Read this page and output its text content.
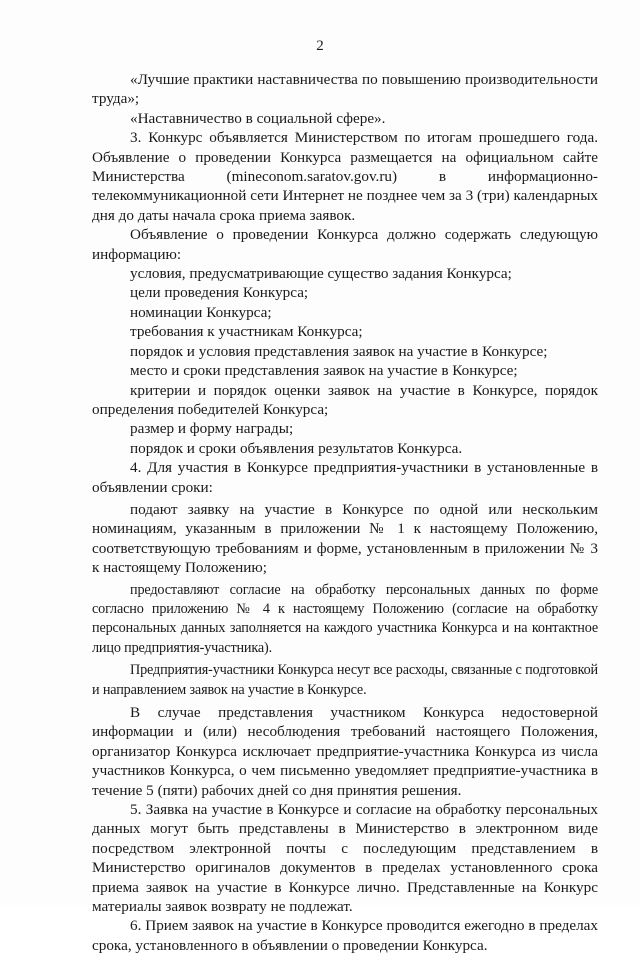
2

«Лучшие практики наставничества по повышению производительности труда»;

«Наставничество в социальной сфере».

3. Конкурс объявляется Министерством по итогам прошедшего года. Объявление о проведении Конкурса размещается на официальном сайте Министерства (mineconom.saratov.gov.ru) в информационно-телекоммуникационной сети Интернет не позднее чем за 3 (три) календарных дня до даты начала срока приема заявок.

Объявление о проведении Конкурса должно содержать следующую информацию:

условия, предусматривающие существо задания Конкурса;

цели проведения Конкурса;

номинации Конкурса;

требования к участникам Конкурса;

порядок и условия представления заявок на участие в Конкурсе;

место и сроки представления заявок на участие в Конкурсе;

критерии и порядок оценки заявок на участие в Конкурсе, порядок определения победителей Конкурса;

размер и форму награды;

порядок и сроки объявления результатов Конкурса.

4. Для участия в Конкурсе предприятия-участники в установленные в объявлении сроки:

подают заявку на участие в Конкурсе по одной или нескольким номинациям, указанным в приложении № 1 к настоящему Положению, соответствующую требованиям и форме, установленным в приложении № 3 к настоящему Положению;

предоставляют согласие на обработку персональных данных по форме согласно приложению № 4 к настоящему Положению (согласие на обработку персональных данных заполняется на каждого участника Конкурса и на контактное лицо предприятия-участника).

Предприятия-участники Конкурса несут все расходы, связанные с подготовкой и направлением заявок на участие в Конкурсе.

В случае представления участником Конкурса недостоверной информации и (или) несоблюдения требований настоящего Положения, организатор Конкурса исключает предприятие-участника Конкурса из числа участников Конкурса, о чем письменно уведомляет предприятие-участника в течение 5 (пяти) рабочих дней со дня принятия решения.

5. Заявка на участие в Конкурсе и согласие на обработку персональных данных могут быть представлены в Министерство в электронном виде посредством электронной почты с последующим представлением в Министерство оригиналов документов в пределах установленного срока приема заявок на участие в Конкурсе лично. Представленные на Конкурс материалы заявок возврату не подлежат.

6. Прием заявок на участие в Конкурсе проводится ежегодно в пределах срока, установленного в объявлении о проведении Конкурса.
